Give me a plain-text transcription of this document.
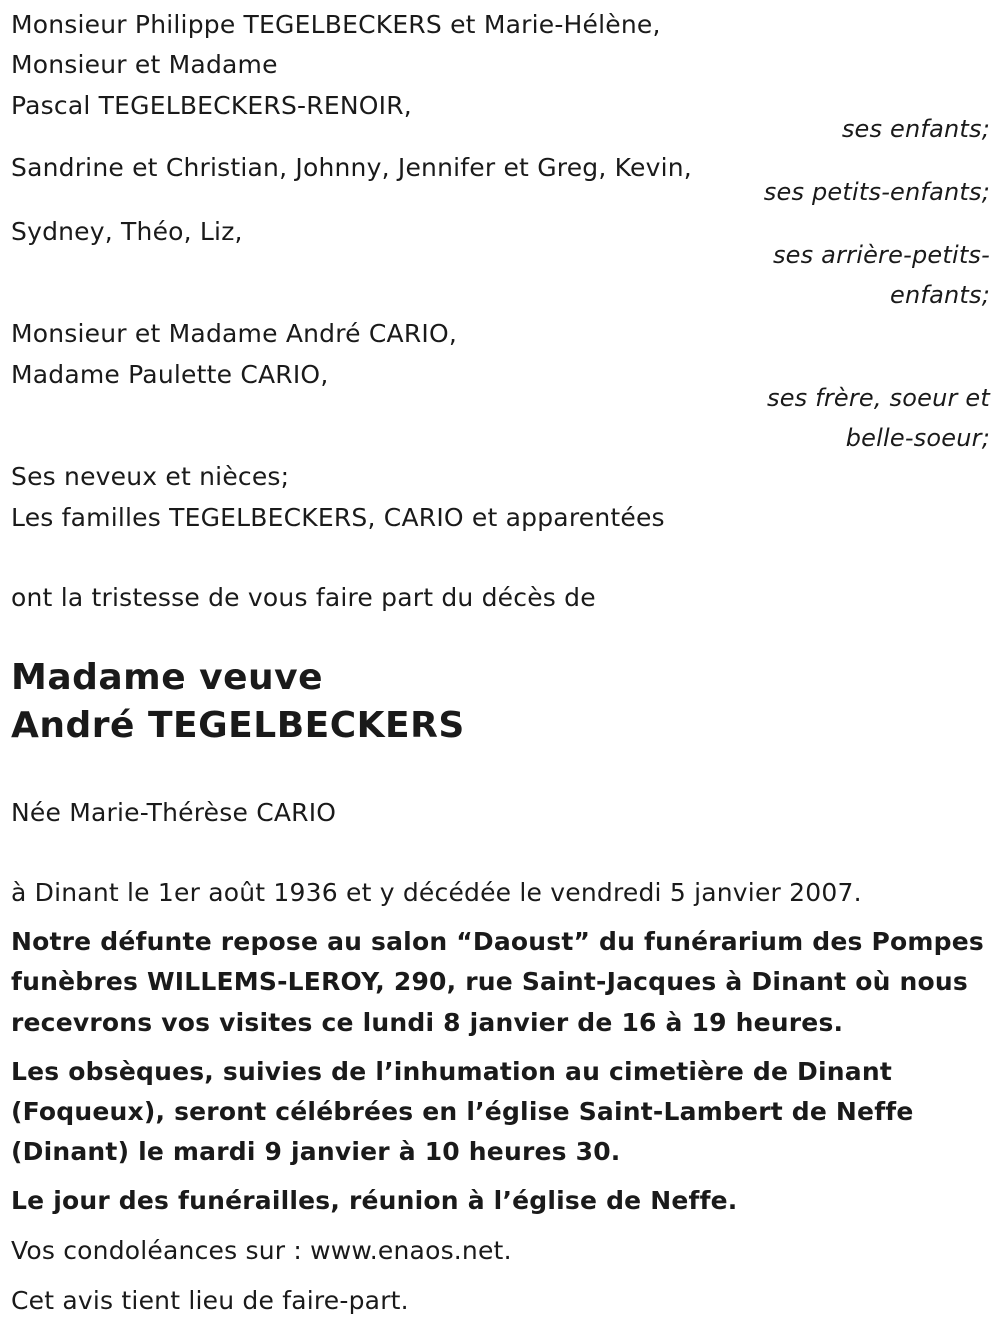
Monsieur Philippe TEGELBECKERS et Marie-Hélène,
Monsieur et Madame
Pascal TEGELBECKERS-RENOIR,
ses enfants;
Sandrine et Christian, Johnny, Jennifer et Greg, Kevin,
ses petits-enfants;
Sydney, Théo, Liz,
ses arrière-petits-
enfants;
Monsieur et Madame André CARIO,
Madame Paulette CARIO,
ses frère, soeur et
belle-soeur;
Ses neveux et nièces;
Les familles TEGELBECKERS, CARIO et apparentées
ont la tristesse de vous faire part du décès de
Madame veuve
André TEGELBECKERS
Née Marie-Thérèse CARIO
à Dinant le 1er août 1936 et y décédée le vendredi 5 janvier 2007.
Notre défunte repose au salon “Daoust” du funérarium des Pompes
funèbres WILLEMS-LEROY, 290, rue Saint-Jacques à Dinant où nous
recevrons vos visites ce lundi 8 janvier de 16 à 19 heures.
Les obsèques, suivies de l’inhumation au cimetière de Dinant
(Foqueux), seront célébrées en l’église Saint-Lambert de Neffe
(Dinant) le mardi 9 janvier à 10 heures 30.
Le jour des funérailles, réunion à l’église de Neffe.
Vos condoléances sur : www.enaos.net.
Cet avis tient lieu de faire-part.
